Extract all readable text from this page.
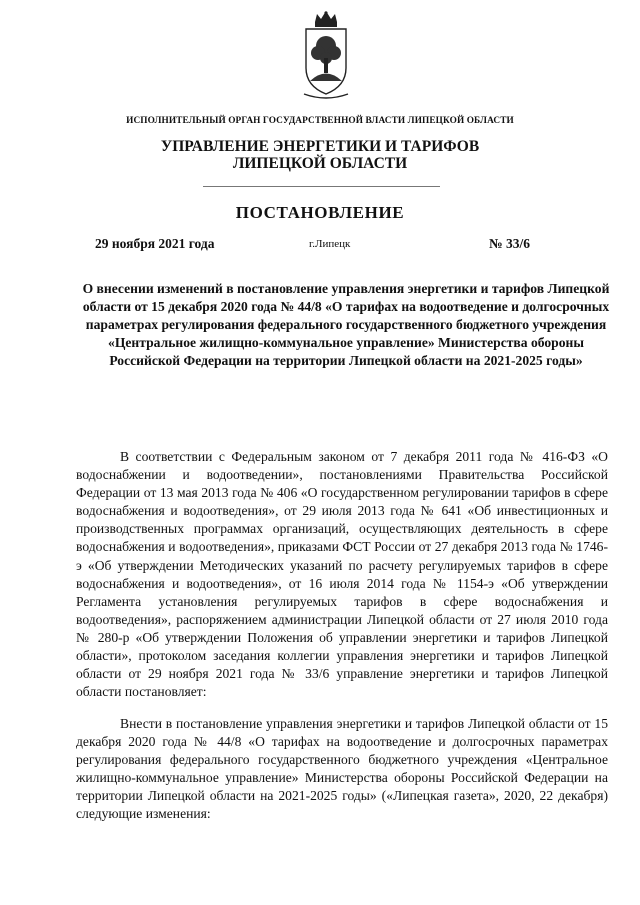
ИСПОЛНИТЕЛЬНЫЙ ОРГАН ГОСУДАРСТВЕННОЙ ВЛАСТИ ЛИПЕЦКОЙ ОБЛАСТИ
УПРАВЛЕНИЕ ЭНЕРГЕТИКИ И ТАРИФОВ
ЛИПЕЦКОЙ ОБЛАСТИ
ПОСТАНОВЛЕНИЕ
29 ноября 2021 года	г.Липецк	№ 33/6
О внесении изменений в постановление управления энергетики и тарифов Липецкой области от 15 декабря 2020 года № 44/8 «О тарифах на водоотведение и долгосрочных параметрах регулирования федерального государственного бюджетного учреждения «Центральное жилищно-коммунальное управление» Министерства обороны Российской Федерации на территории Липецкой области на 2021-2025 годы»

В соответствии с Федеральным законом от 7 декабря 2011 года № 416-ФЗ «О водоснабжении и водоотведении», постановлениями Правительства Российской Федерации от 13 мая 2013 года № 406 «О государственном регулировании тарифов в сфере водоснабжения и водоотведения», от 29 июля 2013 года № 641 «Об инвестиционных и производственных программах организаций, осуществляющих деятельность в сфере водоснабжения и водоотведения», приказами ФСТ России от 27 декабря 2013 года № 1746-э «Об утверждении Методических указаний по расчету регулируемых тарифов в сфере водоснабжения и водоотведения», от 16 июля 2014 года № 1154-э «Об утверждении Регламента установления регулируемых тарифов в сфере водоснабжения и водоотведения», распоряжением администрации Липецкой области от 27 июля 2010 года № 280-р «Об утверждении Положения об управлении энергетики и тарифов Липецкой области», протоколом заседания коллегии управления энергетики и тарифов Липецкой области от 29 ноября 2021 года № 33/6 управление энергетики и тарифов Липецкой области постановляет:

Внести в постановление управления энергетики и тарифов Липецкой области от 15 декабря 2020 года № 44/8 «О тарифах на водоотведение и долгосрочных параметрах регулирования федерального государственного бюджетного учреждения «Центральное жилищно-коммунальное управление» Министерства обороны Российской Федерации на территории Липецкой области на 2021-2025 годы» («Липецкая газета», 2020, 22 декабря) следующие изменения:
